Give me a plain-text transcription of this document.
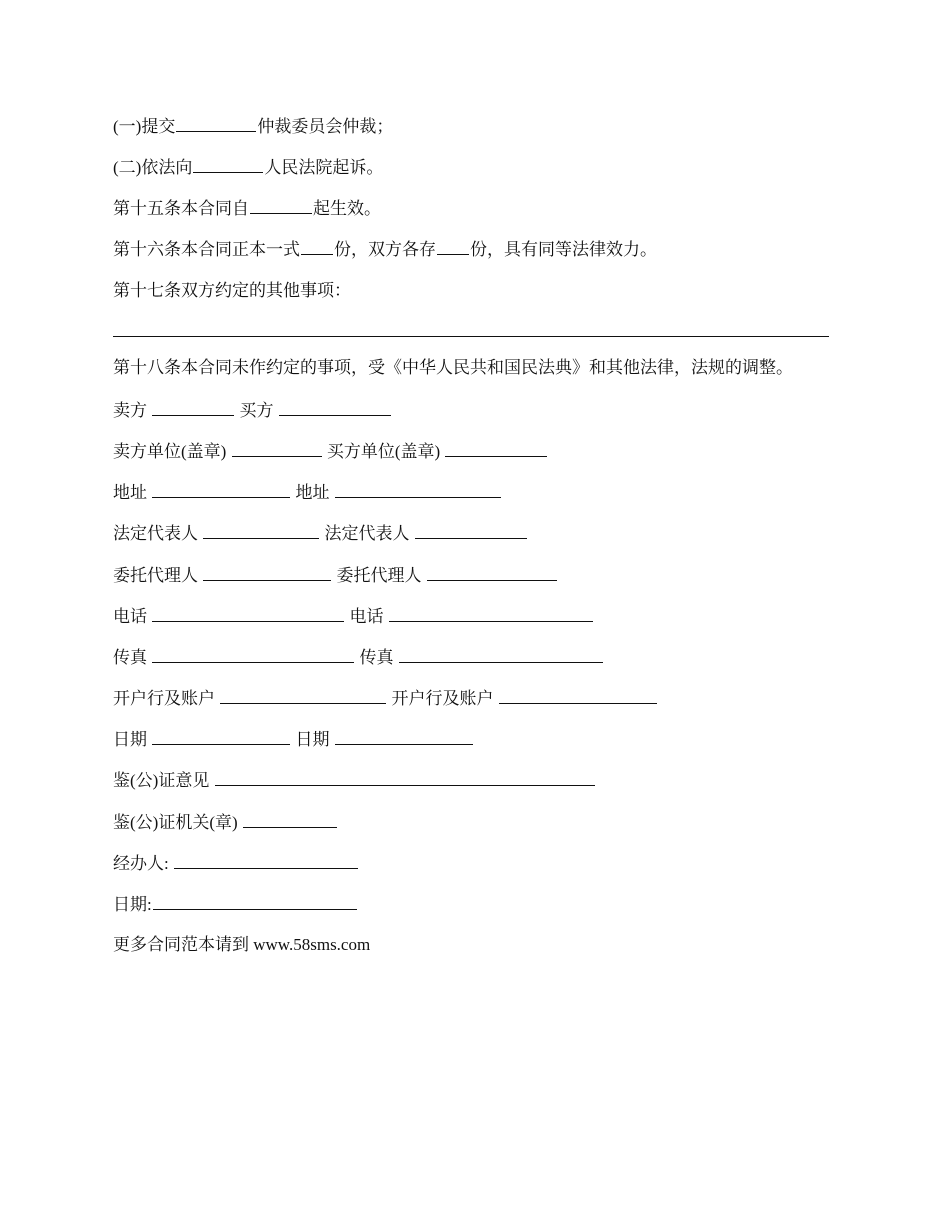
(一)提交	仲裁委员会仲裁；
(二)依法向	人民法院起诉。
第十五条本合同自	起生效。
第十六条本合同正本一式 份，双方各存 份，具有同等法律效力。
第十七条双方约定的其他事项：
第十八条本合同未作约定的事项，受《中华人民共和国民法典》和其他法律，法规的调整。
卖方	买方
卖方单位(盖章)	买方单位(盖章)
地址	地址
法定代表人	法定代表人
委托代理人	委托代理人
电话	电话
传真	传真
开户行及账户	开户行及账户
日期	日期
鉴(公)证意见
鉴(公)证机关(章)
经办人:
日期:
更多合同范本请到 www.58sms.com
